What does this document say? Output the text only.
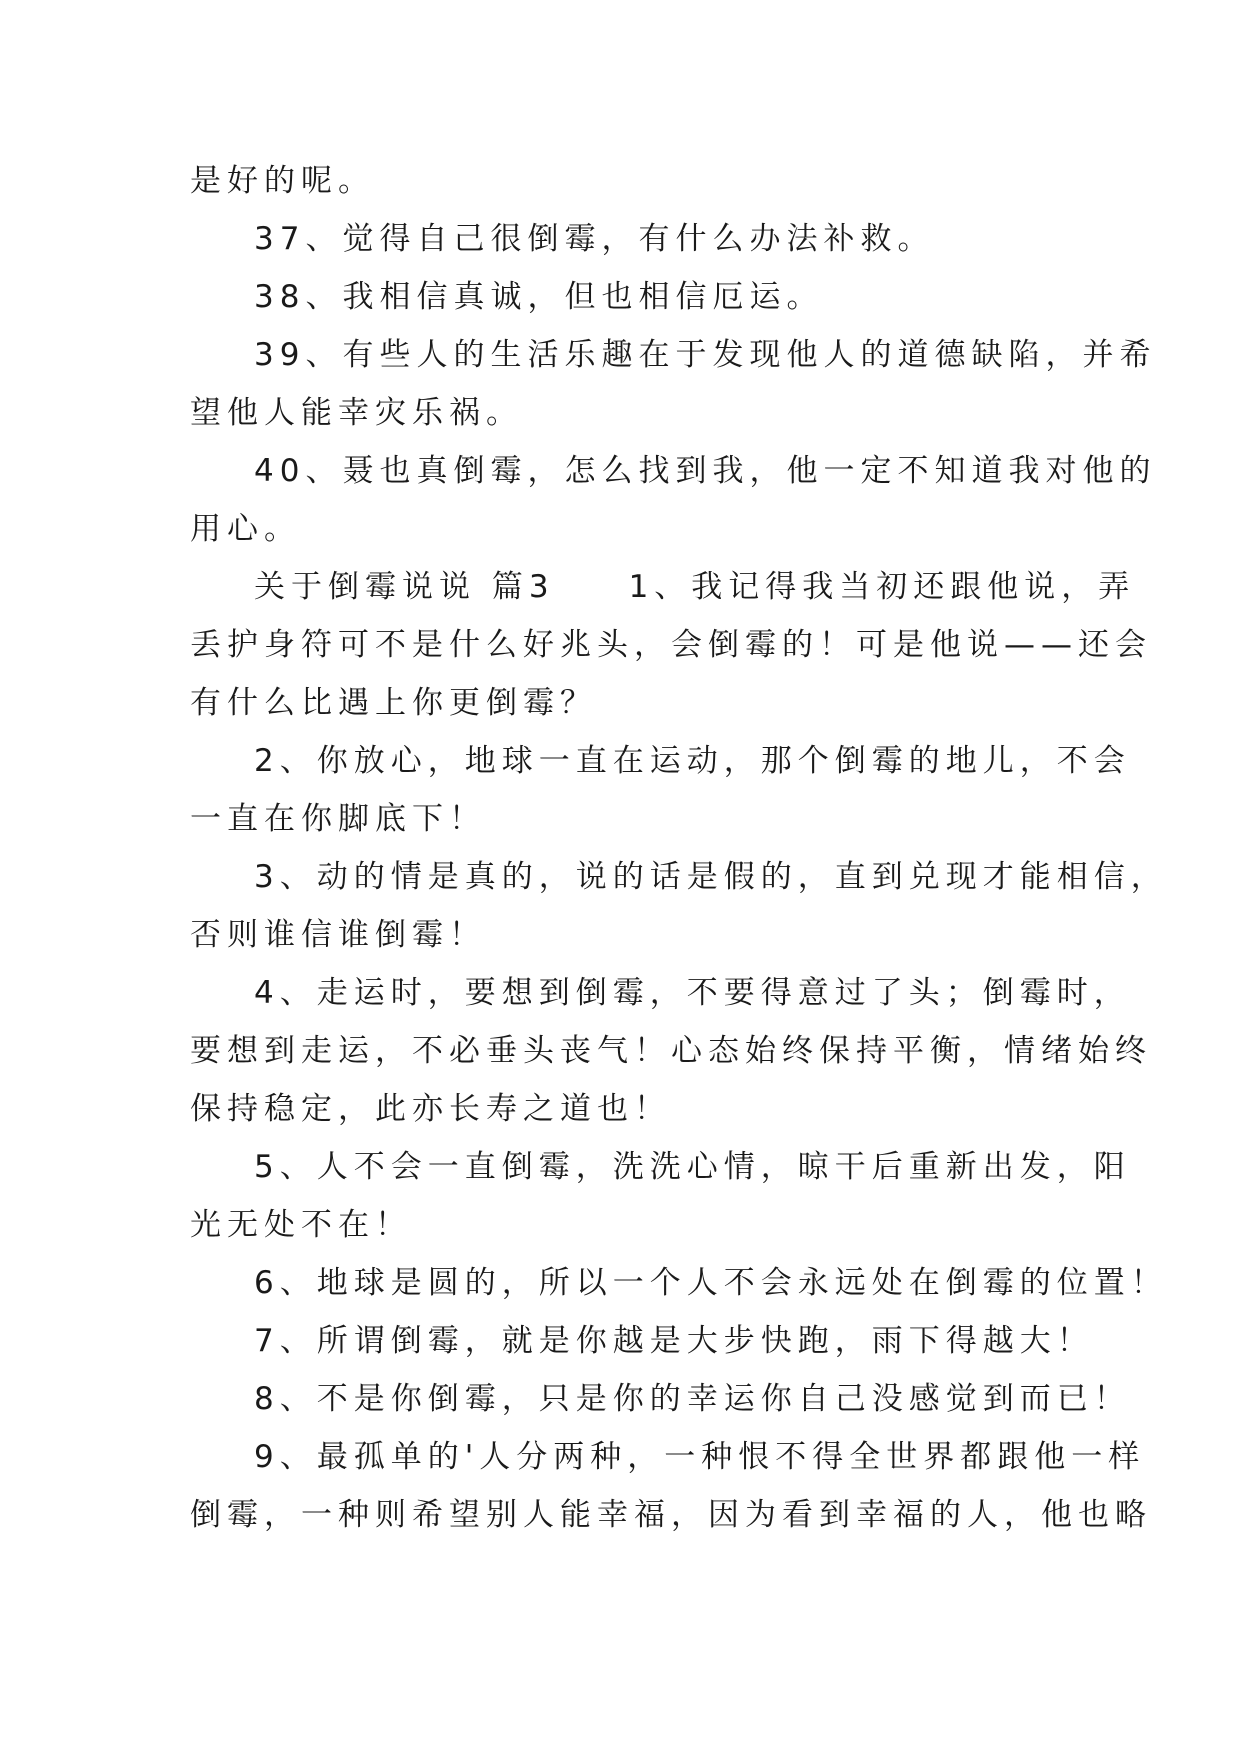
是好的呢。
37、觉得自己很倒霉，有什么办法补救。
38、我相信真诚，但也相信厄运。
39、有些人的生活乐趣在于发现他人的道德缺陷，并希
望他人能幸灾乐祸。
40、聂也真倒霉，怎么找到我，他一定不知道我对他的
用心。
关于倒霉说说 篇3　　1、我记得我当初还跟他说，弄
丢护身符可不是什么好兆头，会倒霉的！可是他说——还会
有什么比遇上你更倒霉？
2、你放心，地球一直在运动，那个倒霉的地儿，不会
一直在你脚底下！
3、动的情是真的，说的话是假的，直到兑现才能相信，
否则谁信谁倒霉！
4、走运时，要想到倒霉，不要得意过了头；倒霉时，
要想到走运，不必垂头丧气！心态始终保持平衡，情绪始终
保持稳定，此亦长寿之道也！
5、人不会一直倒霉，洗洗心情，晾干后重新出发，阳
光无处不在！
6、地球是圆的，所以一个人不会永远处在倒霉的位置！
7、所谓倒霉，就是你越是大步快跑，雨下得越大！
8、不是你倒霉，只是你的幸运你自己没感觉到而已！
9、最孤单的'人分两种，一种恨不得全世界都跟他一样
倒霉，一种则希望别人能幸福，因为看到幸福的人，他也略
